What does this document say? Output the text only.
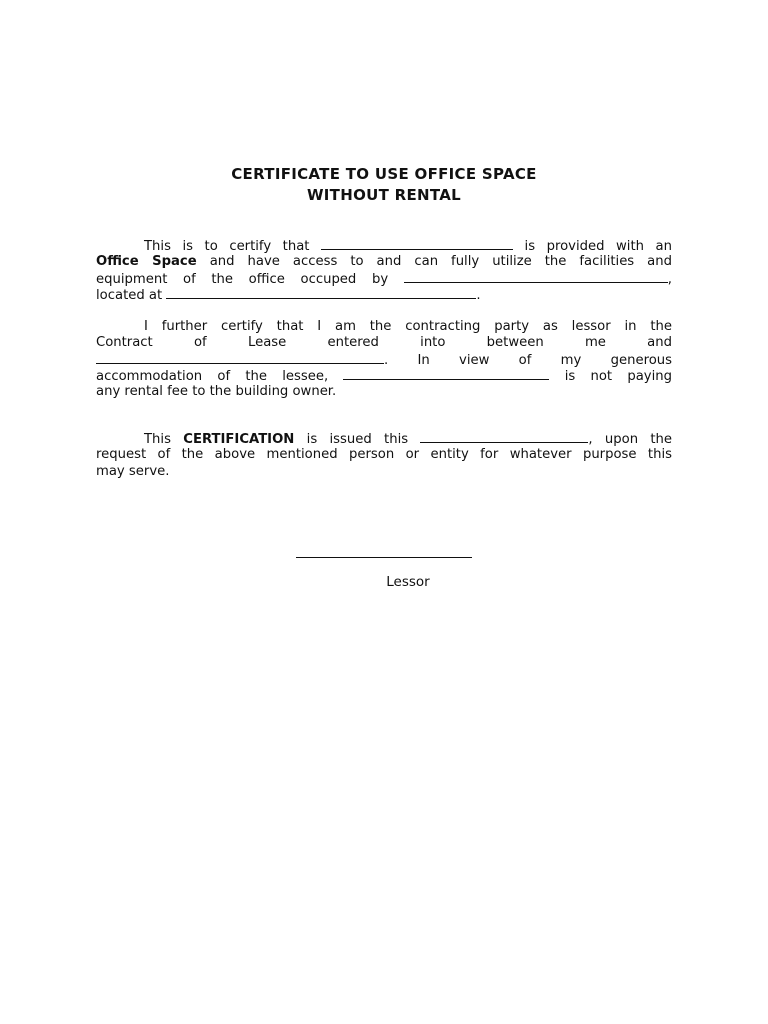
CERTIFICATE TO USE OFFICE SPACE
WITHOUT RENTAL
This is to certify that	is provided with an
Office Space and have access to and can fully utilize the facilities and
equipment of the office occuped by	,
located at	.
I further certify that I am the contracting party as lessor in the
Contract of Lease entered into between me and
. In view of my generous
accommodation of the lessee,	is not paying
any rental fee to the building owner.
This CERTIFICATION is issued this	, upon the
request of the above mentioned person or entity for whatever purpose this
may serve.
Lessor
